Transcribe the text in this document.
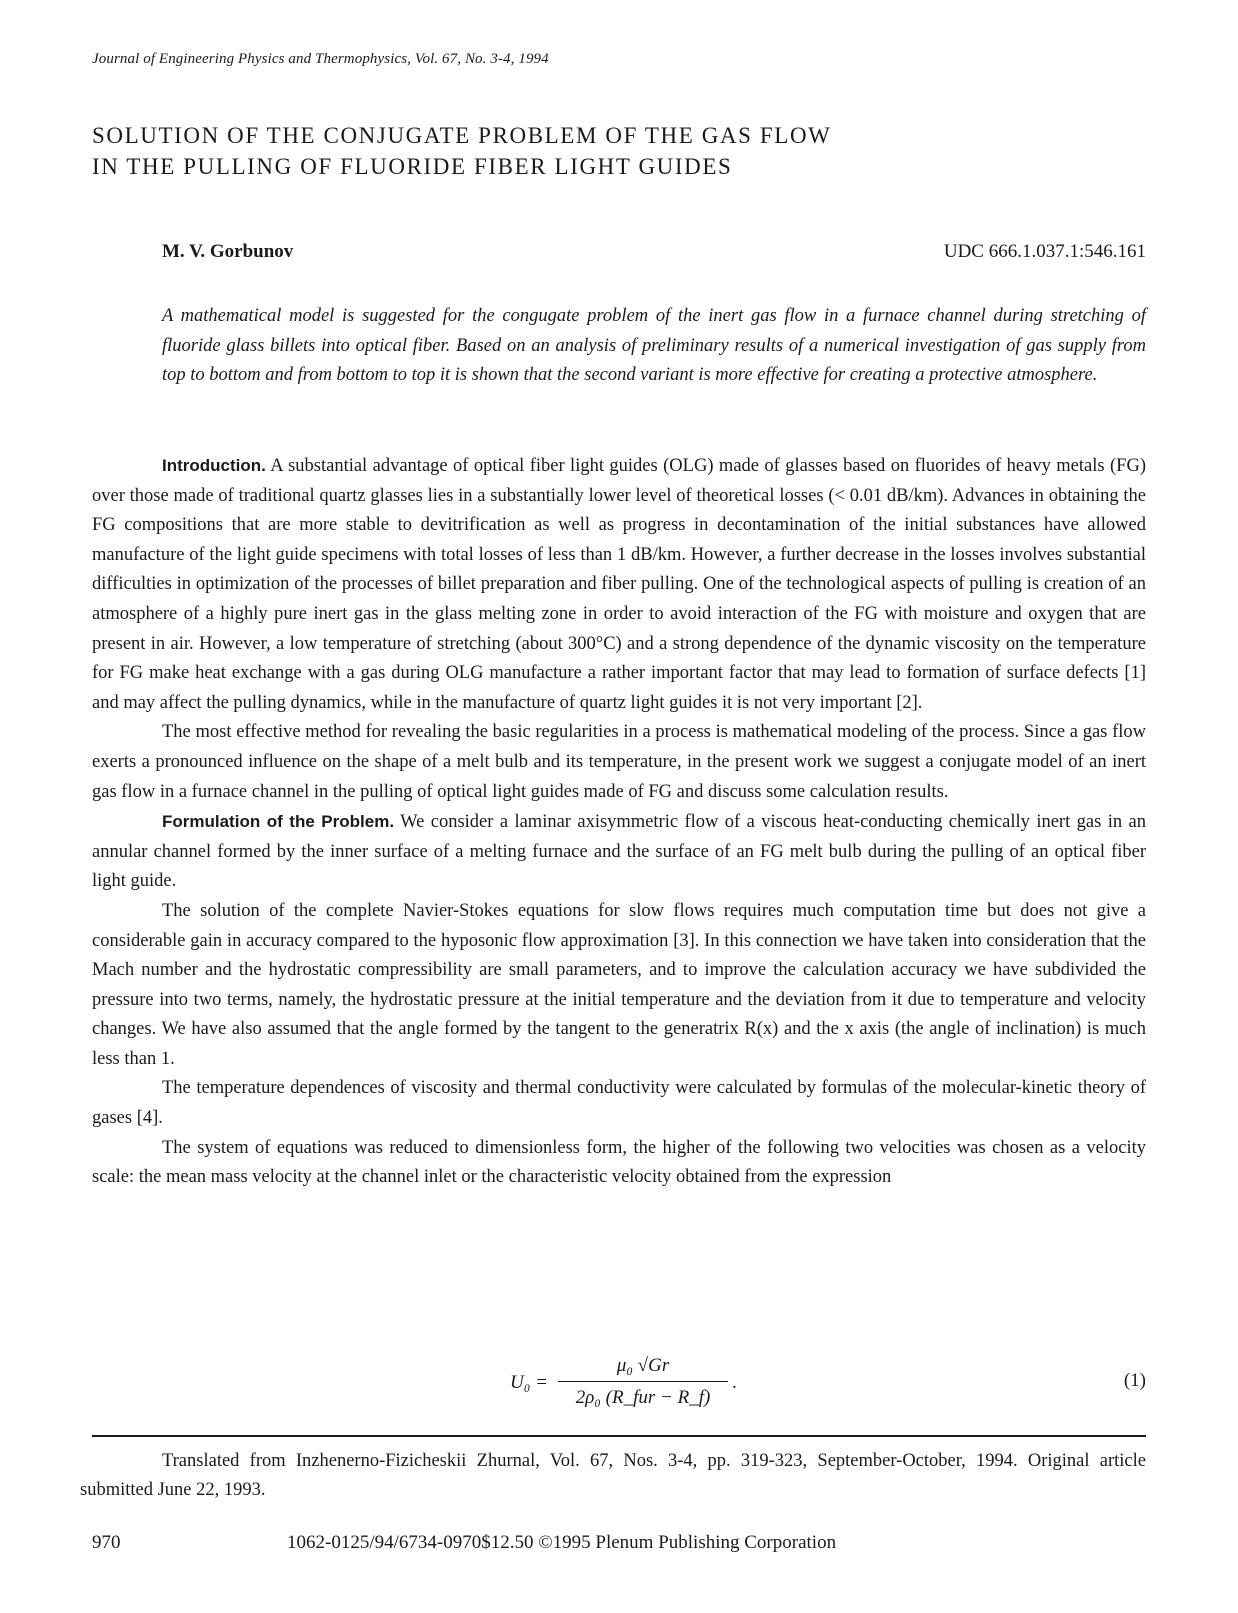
Journal of Engineering Physics and Thermophysics, Vol. 67, No. 3-4, 1994
SOLUTION OF THE CONJUGATE PROBLEM OF THE GAS FLOW IN THE PULLING OF FLUORIDE FIBER LIGHT GUIDES
M. V. Gorbunov	UDC 666.1.037.1:546.161

A mathematical model is suggested for the congugate problem of the inert gas flow in a furnace channel during stretching of fluoride glass billets into optical fiber. Based on an analysis of preliminary results of a numerical investigation of gas supply from top to bottom and from bottom to top it is shown that the second variant is more effective for creating a protective atmosphere.

Introduction. A substantial advantage of optical fiber light guides (OLG) made of glasses based on fluorides of heavy metals (FG) over those made of traditional quartz glasses lies in a substantially lower level of theoretical losses (< 0.01 dB/km). Advances in obtaining the FG compositions that are more stable to devitrification as well as progress in decontamination of the initial substances have allowed manufacture of the light guide specimens with total losses of less than 1 dB/km. However, a further decrease in the losses involves substantial difficulties in optimization of the processes of billet preparation and fiber pulling. One of the technological aspects of pulling is creation of an atmosphere of a highly pure inert gas in the glass melting zone in order to avoid interaction of the FG with moisture and oxygen that are present in air. However, a low temperature of stretching (about 300°C) and a strong dependence of the dynamic viscosity on the temperature for FG make heat exchange with a gas during OLG manufacture a rather important factor that may lead to formation of surface defects [1] and may affect the pulling dynamics, while in the manufacture of quartz light guides it is not very important [2].

The most effective method for revealing the basic regularities in a process is mathematical modeling of the process. Since a gas flow exerts a pronounced influence on the shape of a melt bulb and its temperature, in the present work we suggest a conjugate model of an inert gas flow in a furnace channel in the pulling of optical light guides made of FG and discuss some calculation results.

Formulation of the Problem. We consider a laminar axisymmetric flow of a viscous heat-conducting chemically inert gas in an annular channel formed by the inner surface of a melting furnace and the surface of an FG melt bulb during the pulling of an optical fiber light guide.

The solution of the complete Navier-Stokes equations for slow flows requires much computation time but does not give a considerable gain in accuracy compared to the hyposonic flow approximation [3]. In this connection we have taken into consideration that the Mach number and the hydrostatic compressibility are small parameters, and to improve the calculation accuracy we have subdivided the pressure into two terms, namely, the hydrostatic pressure at the initial temperature and the deviation from it due to temperature and velocity changes. We have also assumed that the angle formed by the tangent to the generatrix R(x) and the x axis (the angle of inclination) is much less than 1.

The temperature dependences of viscosity and thermal conductivity were calculated by formulas of the molecular-kinetic theory of gases [4].

The system of equations was reduced to dimensionless form, the higher of the following two velocities was chosen as a velocity scale: the mean mass velocity at the channel inlet or the characteristic velocity obtained from the expression

U₀ =
μ₀ √Gr
2ρ₀ (R_fur − R_f)
.	(1)

Translated from Inzhenerno-Fizicheskii Zhurnal, Vol. 67, Nos. 3-4, pp. 319-323, September-October, 1994. Original article submitted June 22, 1993.

970	1062-0125/94/6734-0970$12.50 ©1995 Plenum Publishing Corporation
